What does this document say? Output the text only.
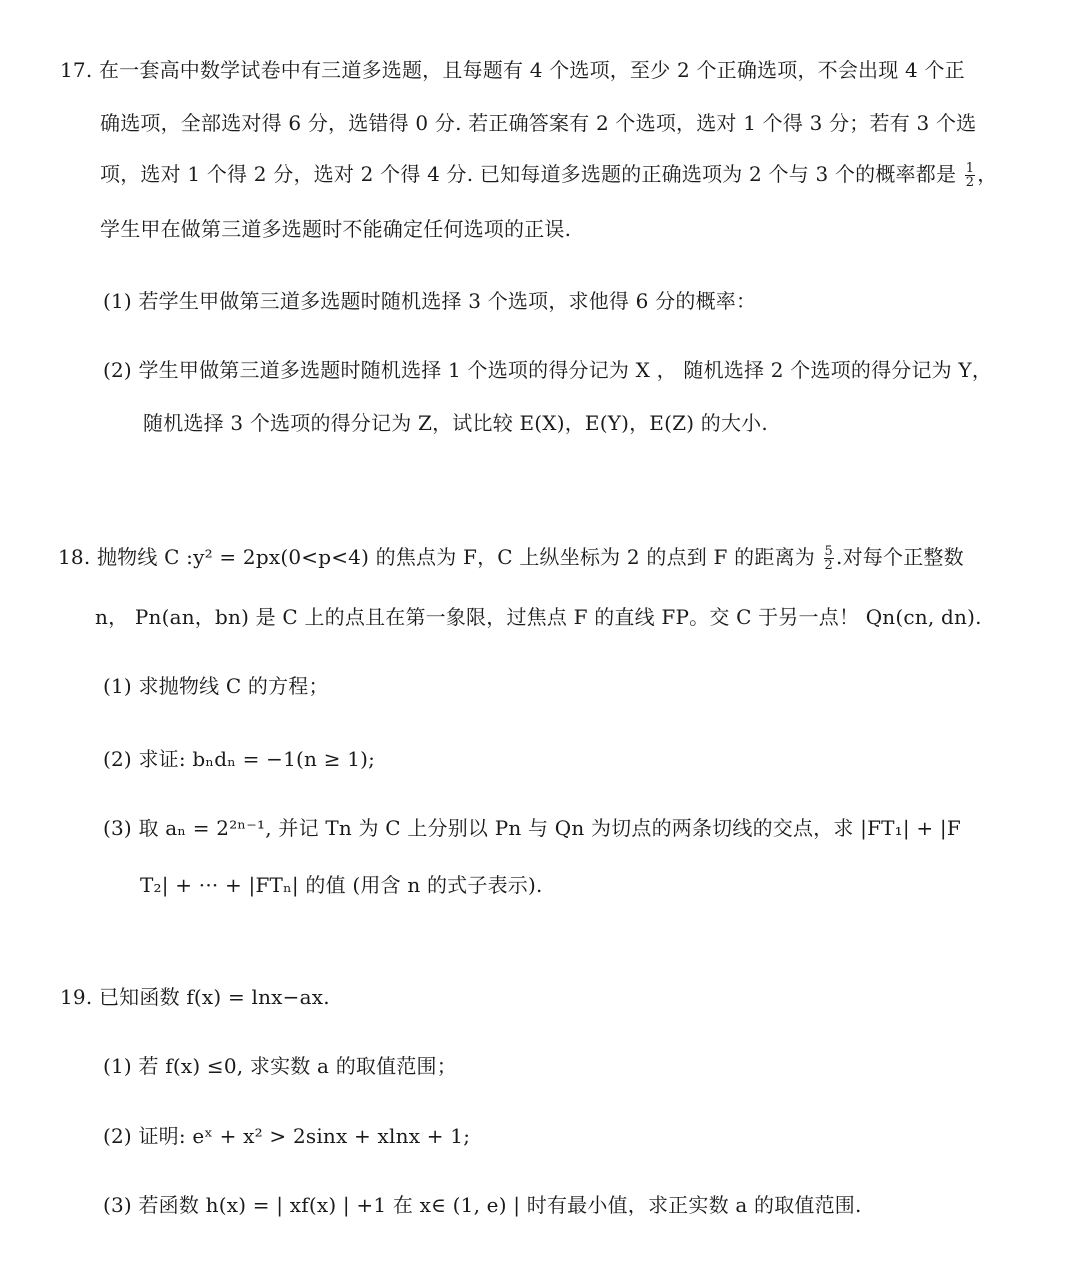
17. 在一套高中数学试卷中有三道多选题，且每题有 4 个选项，至少 2 个正确选项，不会出现 4 个正
确选项，全部选对得 6 分，选错得 0 分. 若正确答案有 2 个选项，选对 1 个得 3 分；若有 3 个选
项，选对 1 个得 2 分，选对 2 个得 4 分. 已知每道多选题的正确选项为 2 个与 3 个的概率都是 $\frac{1}{2}$ ，
学生甲在做第三道多选题时不能确定任何选项的正误.
(1) 若学生甲做第三道多选题时随机选择 3 个选项，求他得 6 分的概率：
(2) 学生甲做第三道多选题时随机选择 1 个选项的得分记为 X ， 随机选择 2 个选项的得分记为 Y，
随机选择 3 个选项的得分记为 Z，试比较 E(X)，E(Y)，E(Z) 的大小.
18. 抛物线 C :y² = 2px(0<p<4) 的焦点为 F，C 上纵坐标为 2 的点到 F 的距离为 $\frac{5}{2}$ .对每个正整数
n， Pn(an，bn) 是 C 上的点且在第一象限，过焦点 F 的直线 FP。交 C 于另一点！ Qn(cn, dn).
(1) 求抛物线 C 的方程；
(2) 求证: bₙdₙ = −1(n ≥ 1);
(3) 取 aₙ = 2²ⁿ⁻¹, 并记 Tn 为 C 上分别以 Pn 与 Qn 为切点的两条切线的交点，求 |FT₁| + |F
T₂| + ··· + |FTₙ| 的值 (用含 n 的式子表示).
19. 已知函数 f(x) = lnx−ax.
(1) 若 f(x) ≤0, 求实数 a 的取值范围；
(2) 证明: eˣ + x² > 2sinx + xlnx + 1;
(3) 若函数 h(x) = | xf(x) | +1 在 x∈ (1, e) | 时有最小值，求正实数 a 的取值范围.
